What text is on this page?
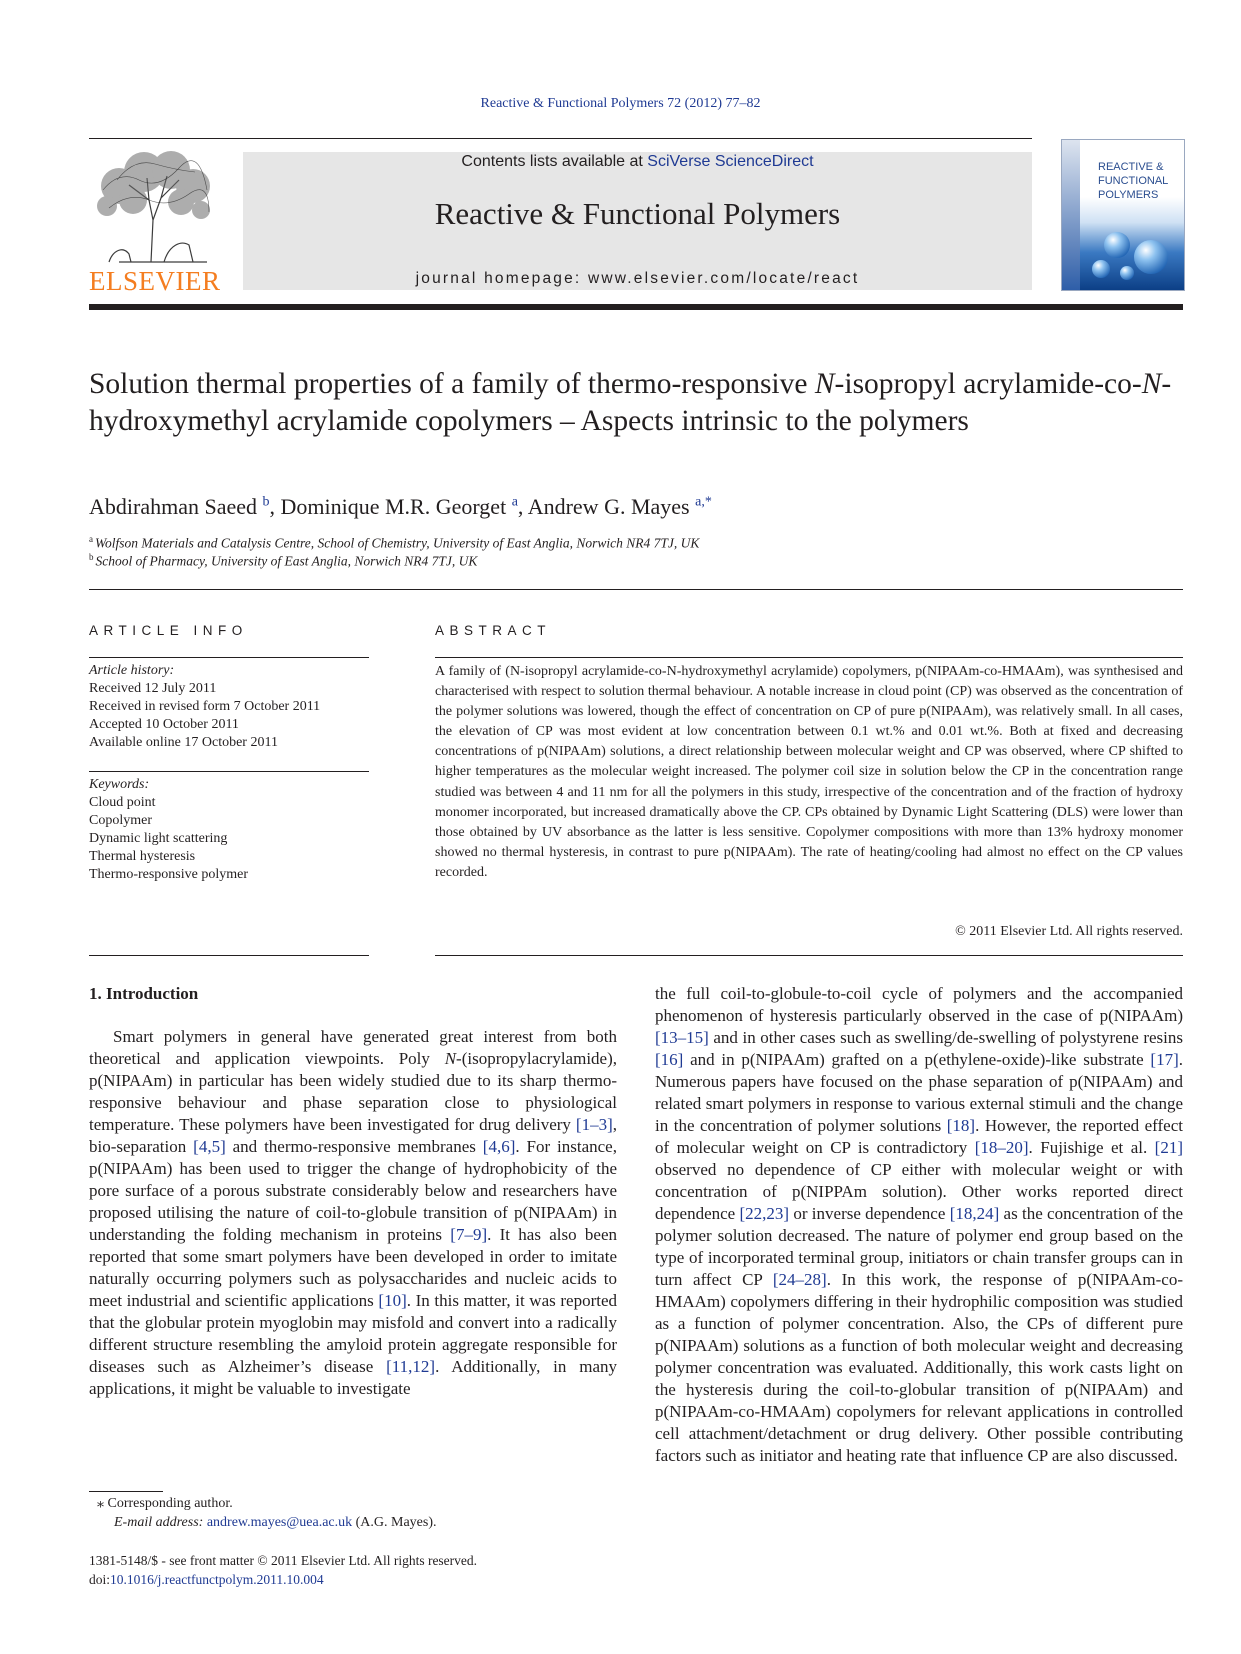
Reactive & Functional Polymers 72 (2012) 77–82
ELSEVIER
Contents lists available at SciVerse ScienceDirect
Reactive & Functional Polymers
journal homepage: www.elsevier.com/locate/react
REACTIVE &
FUNCTIONAL
POLYMERS
Solution thermal properties of a family of thermo-responsive N-isopropyl acrylamide-co-N-hydroxymethyl acrylamide copolymers – Aspects intrinsic to the polymers
Abdirahman Saeed $^b$, Dominique M.R. Georget $^a$, Andrew G. Mayes $^{a,*}$
$^a$ Wolfson Materials and Catalysis Centre, School of Chemistry, University of East Anglia, Norwich NR4 7TJ, UK
$^b$ School of Pharmacy, University of East Anglia, Norwich NR4 7TJ, UK
ARTICLE INFO	ABSTRACT
Article history:
Received 12 July 2011
Received in revised form 7 October 2011
Accepted 10 October 2011
Available online 17 October 2011
Keywords:
Cloud point
Copolymer
Dynamic light scattering
Thermal hysteresis
Thermo-responsive polymer
A family of (N-isopropyl acrylamide-co-N-hydroxymethyl acrylamide) copolymers, p(NIPAAm-co-HMAAm), was synthesised and characterised with respect to solution thermal behaviour. A notable increase in cloud point (CP) was observed as the concentration of the polymer solutions was lowered, though the effect of concentration on CP of pure p(NIPAAm), was relatively small. In all cases, the elevation of CP was most evident at low concentration between 0.1 wt.% and 0.01 wt.%. Both at fixed and decreasing concentrations of p(NIPAAm) solutions, a direct relationship between molecular weight and CP was observed, where CP shifted to higher temperatures as the molecular weight increased. The polymer coil size in solution below the CP in the concentration range studied was between 4 and 11 nm for all the polymers in this study, irrespective of the concentration and of the fraction of hydroxy monomer incorporated, but increased dramatically above the CP. CPs obtained by Dynamic Light Scattering (DLS) were lower than those obtained by UV absorbance as the latter is less sensitive. Copolymer compositions with more than 13% hydroxy monomer showed no thermal hysteresis, in contrast to pure p(NIPAAm). The rate of heating/cooling had almost no effect on the CP values recorded.
© 2011 Elsevier Ltd. All rights reserved.
1. Introduction
Smart polymers in general have generated great interest from both theoretical and application viewpoints. Poly N-(isopropylacrylamide), p(NIPAAm) in particular has been widely studied due to its sharp thermo-responsive behaviour and phase separation close to physiological temperature. These polymers have been investigated for drug delivery [1–3], bio-separation [4,5] and thermo-responsive membranes [4,6]. For instance, p(NIPAAm) has been used to trigger the change of hydrophobicity of the pore surface of a porous substrate considerably below and researchers have proposed utilising the nature of coil-to-globule transition of p(NIPAAm) in understanding the folding mechanism in proteins [7–9]. It has also been reported that some smart polymers have been developed in order to imitate naturally occurring polymers such as polysaccharides and nucleic acids to meet industrial and scientific applications [10]. In this matter, it was reported that the globular protein myoglobin may misfold and convert into a radically different structure resembling the amyloid protein aggregate responsible for diseases such as Alzheimer’s disease [11,12]. Additionally, in many applications, it might be valuable to investigate
the full coil-to-globule-to-coil cycle of polymers and the accompanied phenomenon of hysteresis particularly observed in the case of p(NIPAAm) [13–15] and in other cases such as swelling/de-swelling of polystyrene resins [16] and in p(NIPAAm) grafted on a p(ethylene-oxide)-like substrate [17]. Numerous papers have focused on the phase separation of p(NIPAAm) and related smart polymers in response to various external stimuli and the change in the concentration of polymer solutions [18]. However, the reported effect of molecular weight on CP is contradictory [18–20]. Fujishige et al. [21] observed no dependence of CP either with molecular weight or with concentration of p(NIPPAm solution). Other works reported direct dependence [22,23] or inverse dependence [18,24] as the concentration of the polymer solution decreased. The nature of polymer end group based on the type of incorporated terminal group, initiators or chain transfer groups can in turn affect CP [24–28]. In this work, the response of p(NIPAAm-co-HMAAm) copolymers differing in their hydrophilic composition was studied as a function of polymer concentration. Also, the CPs of different pure p(NIPAAm) solutions as a function of both molecular weight and decreasing polymer concentration was evaluated. Additionally, this work casts light on the hysteresis during the coil-to-globular transition of p(NIPAAm) and p(NIPAAm-co-HMAAm) copolymers for relevant applications in controlled cell attachment/detachment or drug delivery. Other possible contributing factors such as initiator and heating rate that influence CP are also discussed.
⁎ Corresponding author.
E-mail address: andrew.mayes@uea.ac.uk (A.G. Mayes).
1381-5148/$ - see front matter © 2011 Elsevier Ltd. All rights reserved.
doi:10.1016/j.reactfunctpolym.2011.10.004
